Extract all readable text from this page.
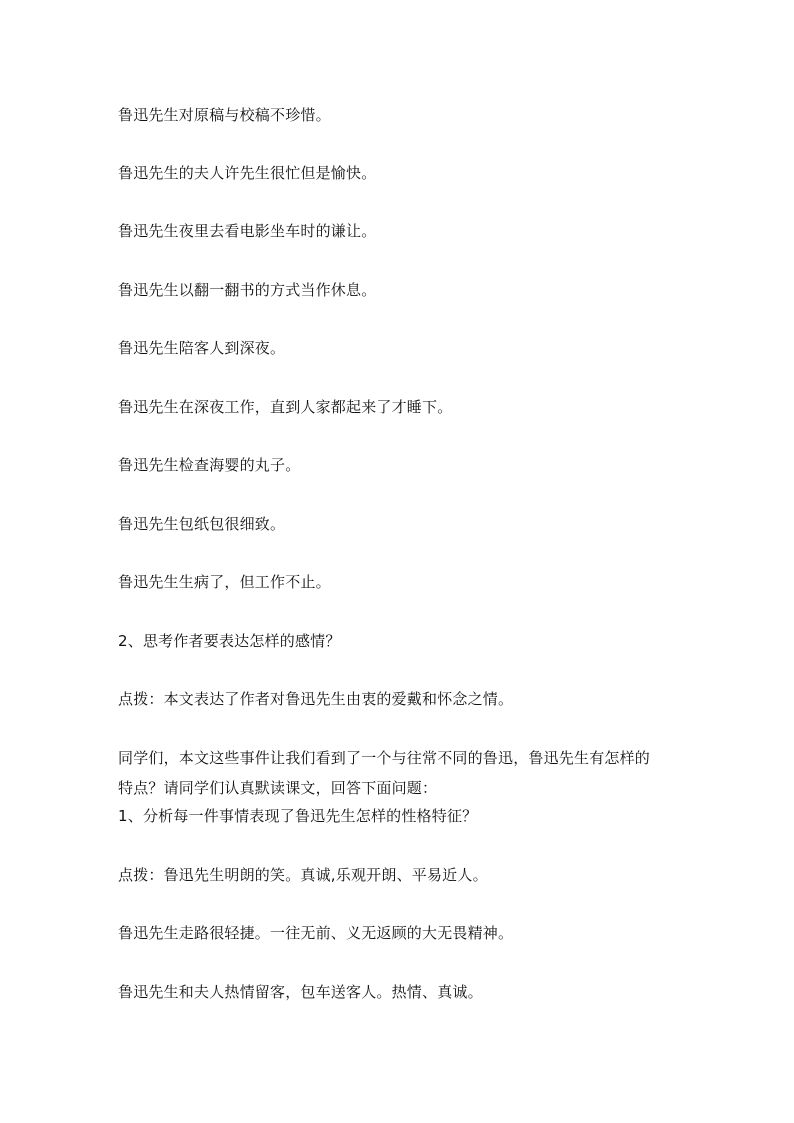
鲁迅先生对原稿与校稿不珍惜。
鲁迅先生的夫人许先生很忙但是愉快。
鲁迅先生夜里去看电影坐车时的谦让。
鲁迅先生以翻一翻书的方式当作休息。
鲁迅先生陪客人到深夜。
鲁迅先生在深夜工作，直到人家都起来了才睡下。
鲁迅先生检查海婴的丸子。
鲁迅先生包纸包很细致。
鲁迅先生生病了，但工作不止。
2、思考作者要表达怎样的感情？
点拨：本文表达了作者对鲁迅先生由衷的爱戴和怀念之情。
同学们，本文这些事件让我们看到了一个与往常不同的鲁迅，鲁迅先生有怎样的
特点？请同学们认真默读课文，回答下面问题：
1、分析每一件事情表现了鲁迅先生怎样的性格特征？
点拨：鲁迅先生明朗的笑。真诚,乐观开朗、平易近人。
鲁迅先生走路很轻捷。一往无前、义无返顾的大无畏精神。
鲁迅先生和夫人热情留客，包车送客人。热情、真诚。
